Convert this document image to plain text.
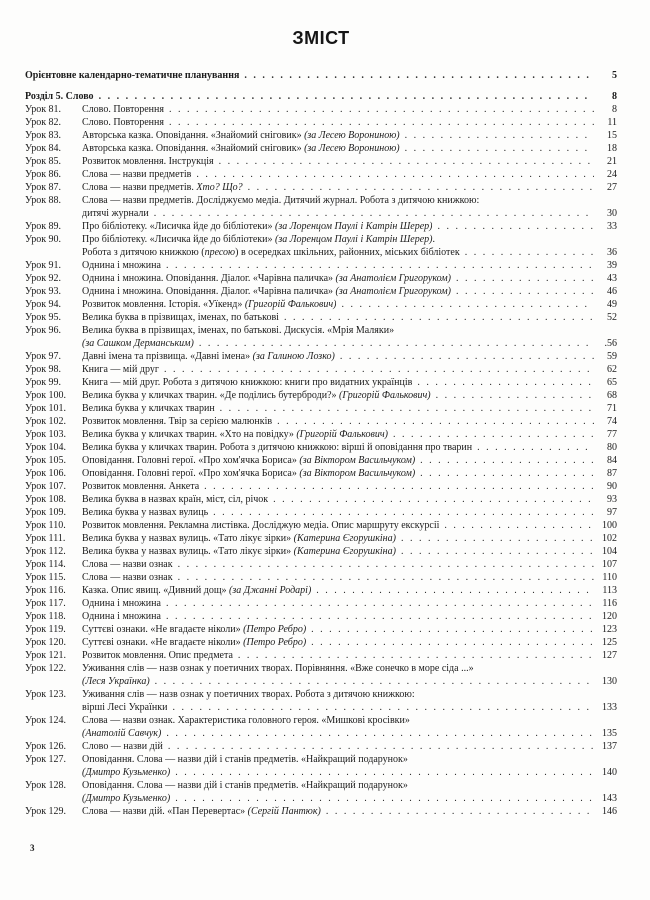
ЗМІСТ
Орієнтовне календарно-тематичне планування . . .	5
Розділ 5. Слово . . .	8
Урок 81.	Слово. Повторення . . .	8
Урок 82.	Слово. Повторення . . .	11
Урок 83.	Авторська казка. Оповідання. «Знайомий сніговик» (за Лесею Ворониною) . . .	15
Урок 84.	Авторська казка. Оповідання. «Знайомий сніговик» (за Лесею Ворониною) . . .	18
Урок 85.	Розвиток мовлення. Інструкція . . .	21
Урок 86.	Слова — назви предметів . . .	24
Урок 87.	Слова — назви предметів. Хто? Що? . . .	27
Урок 88.	Слова — назви предметів. Досліджуємо медіа. Дитячий журнал. Робота з дитячою книжкою:
дитячі журнали . . .	30
Урок 89.	Про бібліотеку. «Лисичка йде до бібліотеки» (за Лоренцом Паулі і Катрін Шерер) . . .	33
Урок 90.	Про бібліотеку. «Лисичка йде до бібліотеки» (за Лоренцом Паулі і Катрін Шерер).
Робота з дитячою книжкою (пресою) в осередках шкільних, районних, міських бібліотек . . .	36
Урок 91.	Однина і множина . . .	39
Урок 92.	Однина і множина. Оповідання. Діалог. «Чарівна паличка» (за Анатолієм Григоруком) . . .	43
Урок 93.	Однина і множина. Оповідання. Діалог. «Чарівна паличка» (за Анатолієм Григоруком) . . .	46
Урок 94.	Розвиток мовлення. Історія. «Уїкенд» (Григорій Фалькович) . . .	49
Урок 95.	Велика буква в прізвищах, іменах, по батькові . . .	52
Урок 96.	Велика буква в прізвищах, іменах, по батькові. Дискусія. «Мрія Маляки»
(за Сашком Дерманським) . . .	.56
Урок 97.	Давні імена та прізвища. «Давні імена» (за Галиною Лозко) . . .	59
Урок 98.	Книга — мій друг . . .	62
Урок 99.	Книга — мій друг. Робота з дитячою книжкою: книги про видатних українців . . .	65
Урок 100.	Велика буква у кличках тварин. «Де поділись бутерброди?» (Григорій Фалькович) . . .	68
Урок 101.	Велика буква у кличках тварин . . .	71
Урок 102.	Розвиток мовлення. Твір за серією малюнків . . .	74
Урок 103.	Велика буква у кличках тварин. «Хто на повідку» (Григорій Фалькович) . . .	77
Урок 104.	Велика буква у кличках тварин. Робота з дитячою книжкою: вірші й оповідання про тварин . . .	80
Урок 105.	Оповідання. Головні герої. «Про хом'ячка Бориса» (за Віктором Васильчуком) . . .	84
Урок 106.	Оповідання. Головні герої. «Про хом'ячка Бориса» (за Віктором Васильчуком) . . .	87
Урок 107.	Розвиток мовлення. Анкета . . .	90
Урок 108.	Велика буква в назвах країн, міст, сіл, річок . . .	93
Урок 109.	Велика буква у назвах вулиць . . .	97
Урок 110.	Розвиток мовлення. Рекламна листівка. Досліджую медіа. Опис маршруту екскурсії . . .	100
Урок 111.	Велика буква у назвах вулиць. «Тато лікує зірки» (Катерина Єгорушкіна) . . .	102
Урок 112.	Велика буква у назвах вулиць. «Тато лікує зірки» (Катерина Єгорушкіна) . . .	104
Урок 114.	Слова — назви ознак . . .	107
Урок 115.	Слова — назви ознак . . .	110
Урок 116.	Казка. Опис явищ. «Дивний дощ» (за Джанні Родарі) . . .	113
Урок 117.	Однина і множина . . .	116
Урок 118.	Однина і множина . . .	120
Урок 119.	Суттєві ознаки. «Не вгадаєте ніколи» (Петро Ребро) . . .	123
Урок 120.	Суттєві ознаки. «Не вгадаєте ніколи» (Петро Ребро) . . .	125
Урок 121.	Розвиток мовлення. Опис предмета . . .	127
Урок 122.	Уживання слів — назв ознак у поетичних творах. Порівняння. «Вже сонечко в море сіда ...»
(Леся Українка) . . .	130
Урок 123.	Уживання слів — назв ознак у поетичних творах. Робота з дитячою книжкою:
вірші Лесі Українки . . .	133
Урок 124.	Слова — назви ознак. Характеристика головного героя. «Мишкові кросівки»
(Анатолій Савчук) . . .	135
Урок 126.	Слово — назви дій . . .	137
Урок 127.	Оповідання. Слова — назви дій і станів предметів. «Найкращий подарунок»
(Дмитро Кузьменко) . . .	140
Урок 128.	Оповідання. Слова — назви дій і станів предметів. «Найкращий подарунок»
(Дмитро Кузьменко) . . .	143
Урок 129.	Слова — назви дій. «Пан Перевертас» (Сергій Пантюк) . . .	146
3
